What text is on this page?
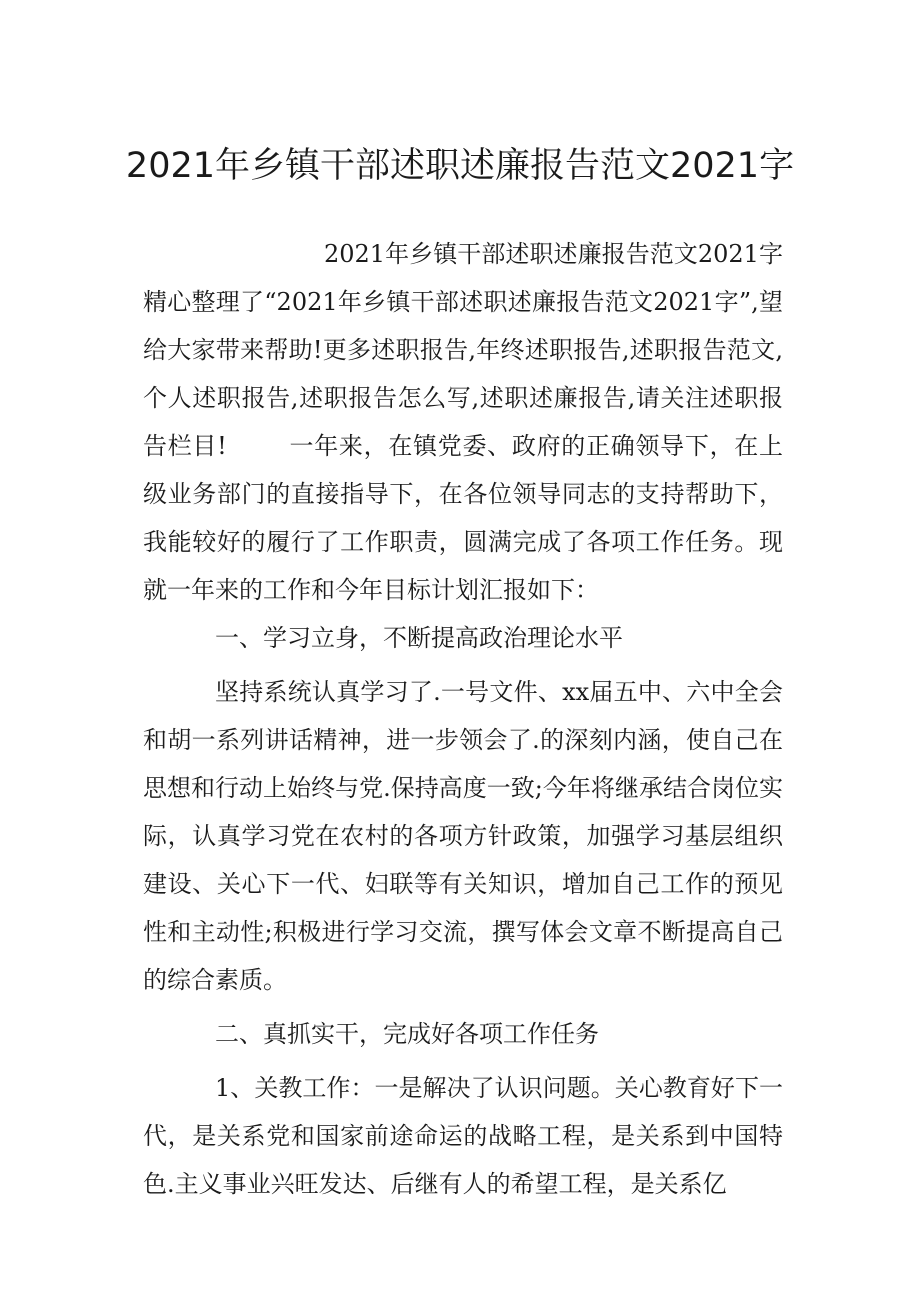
2021年乡镇干部述职述廉报告范文2021字

2021年乡镇干部述职述廉报告范文2021字精心整理了“2021年乡镇干部述职述廉报告范文2021字”,望给大家带来帮助!更多述职报告,年终述职报告,述职报告范文,个人述职报告,述职报告怎么写,述职述廉报告,请关注述职报告栏目!	一年来，在镇党委、政府的正确领导下，在上级业务部门的直接指导下，在各位领导同志的支持帮助下，我能较好的履行了工作职责，圆满完成了各项工作任务。现就一年来的工作和今年目标计划汇报如下：

一、学习立身，不断提高政治理论水平

坚持系统认真学习了.一号文件、xx届五中、六中全会和胡一系列讲话精神，进一步领会了.的深刻内涵，使自己在思想和行动上始终与党.保持高度一致;今年将继承结合岗位实际，认真学习党在农村的各项方针政策，加强学习基层组织建设、关心下一代、妇联等有关知识，增加自己工作的预见性和主动性;积极进行学习交流，撰写体会文章不断提高自己的综合素质。

二、真抓实干，完成好各项工作任务

1、关教工作：一是解决了认识问题。关心教育好下一代，是关系党和国家前途命运的战略工程，是关系到中国特色.主义事业兴旺发达、后继有人的希望工程，是关系亿
